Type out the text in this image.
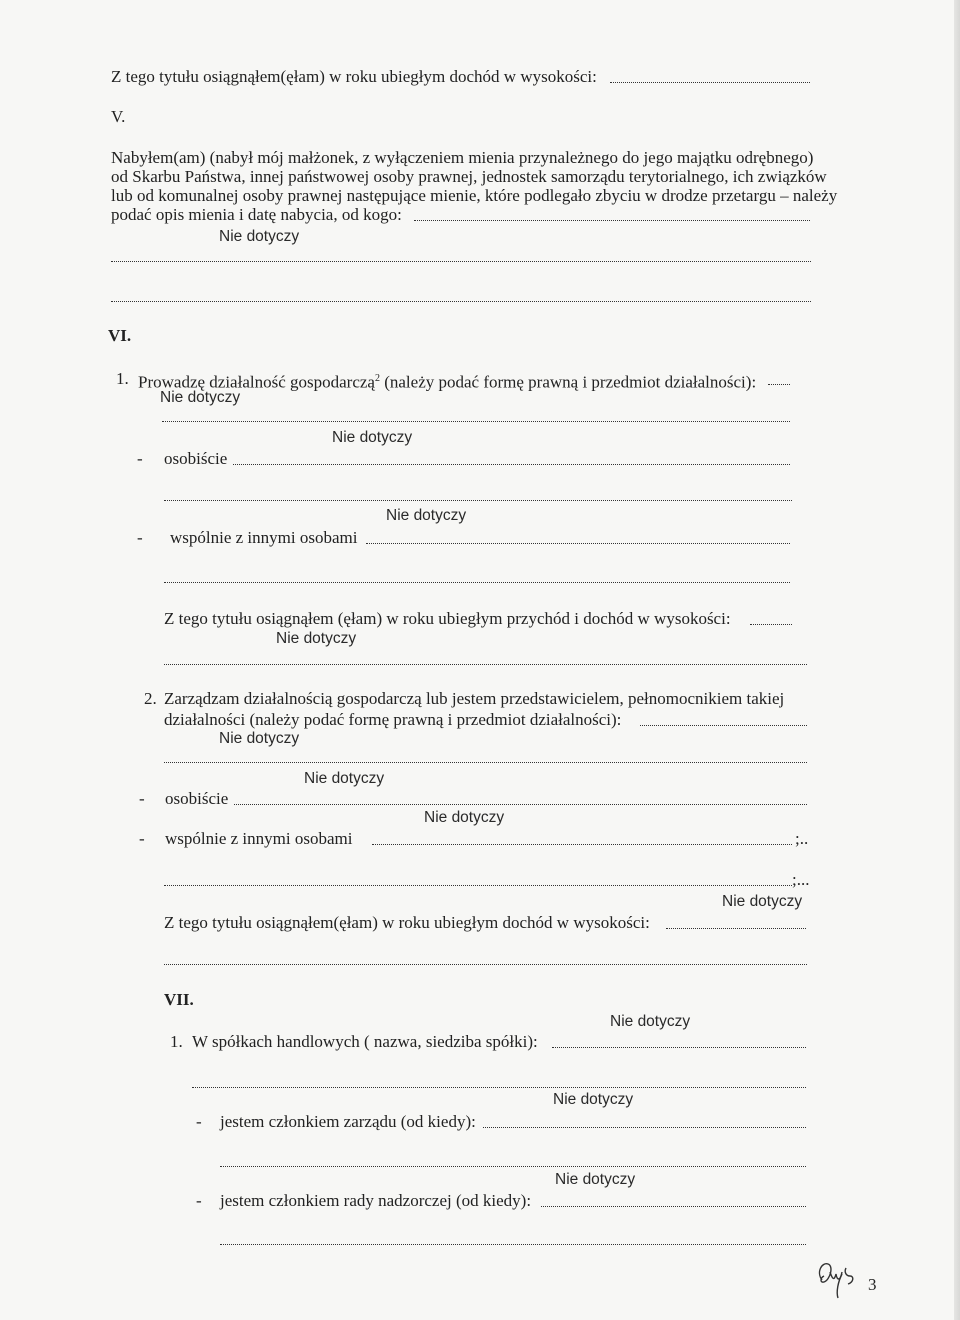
Z tego tytułu osiągnąłem(ęłam) w roku ubiegłym dochód w wysokości:
V.
Nabyłem(am) (nabył mój małżonek, z wyłączeniem mienia przynależnego do jego majątku odrębnego)
od Skarbu Państwa, innej państwowej osoby prawnej, jednostek samorządu terytorialnego, ich związków
lub od komunalnej osoby prawnej następujące mienie, które podlegało zbyciu w drodze przetargu – należy
podać opis mienia i datę nabycia, od kogo:
Nie dotyczy
VI.
1. Prowadzę działalność gospodarczą$^2$ (należy podać formę prawną i przedmiot działalności):
Nie dotyczy
Nie dotyczy
- osobiście
Nie dotyczy
- wspólnie z innymi osobami
Z tego tytułu osiągnąłem (ęłam) w roku ubiegłym przychód i dochód w wysokości:
Nie dotyczy
2. Zarządzam działalnością gospodarczą lub jestem przedstawicielem, pełnomocnikiem takiej
działalności (należy podać formę prawną i przedmiot działalności):
Nie dotyczy
Nie dotyczy
- osobiście
Nie dotyczy
- wspólnie z innymi osobami	;..
;...
Nie dotyczy
Z tego tytułu osiągnąłem(ęłam) w roku ubiegłym dochód w wysokości:
VII.
Nie dotyczy
1. W spółkach handlowych ( nazwa, siedziba spółki):
Nie dotyczy
- jestem członkiem zarządu (od kiedy):
Nie dotyczy
- jestem członkiem rady nadzorczej (od kiedy):
3
